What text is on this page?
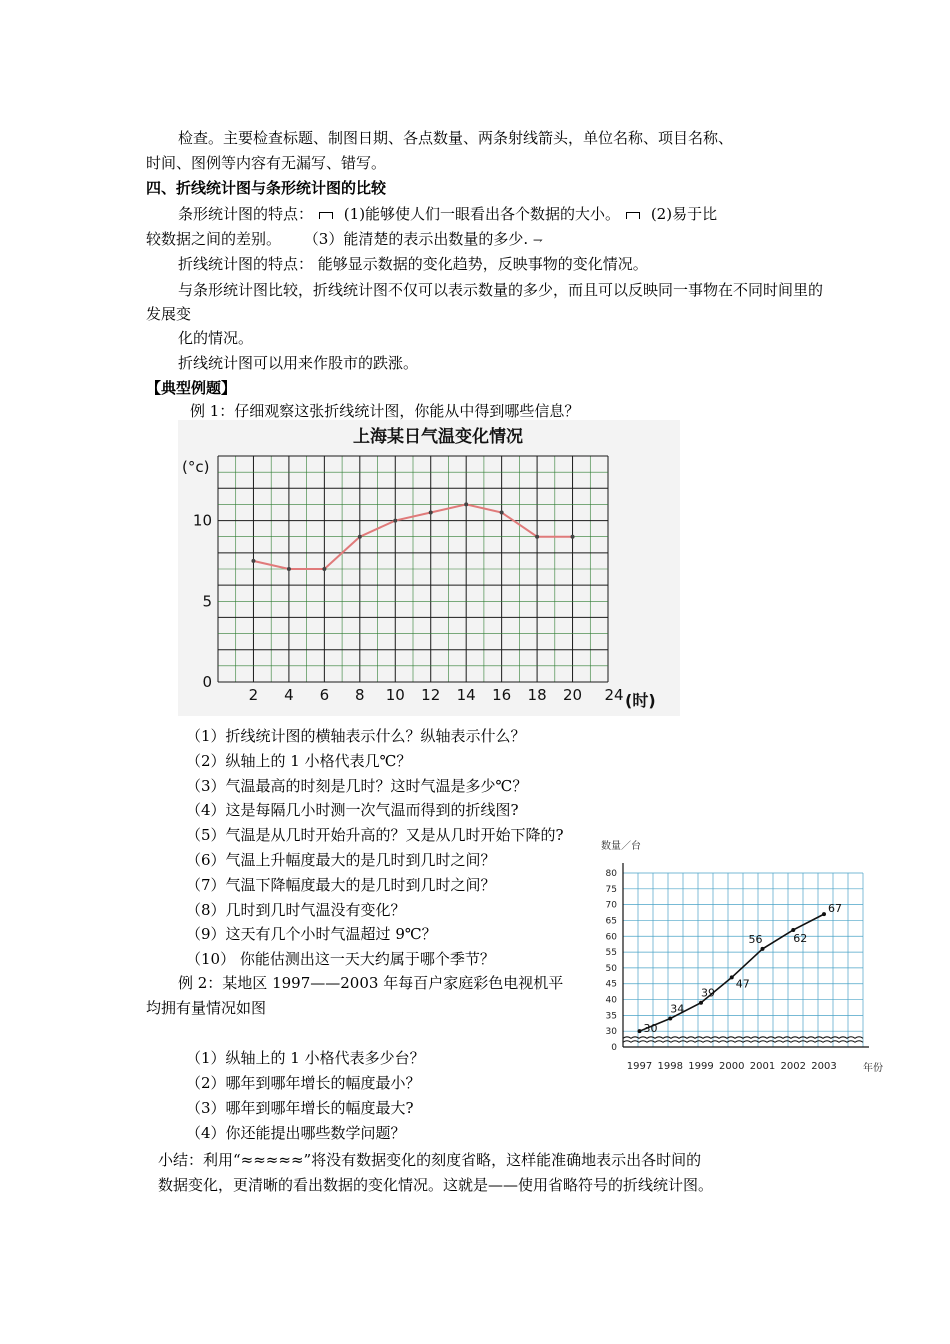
检查。主要检查标题、制图日期、各点数量、两条射线箭头，单位名称、项目名称、
时间、图例等内容有无漏写、错写。
四、折线统计图与条形统计图的比较
条形统计图的特点： (1)能够使人们一眼看出各个数据的大小。 (2)易于比
较数据之间的差别。 （3）能清楚的表示出数量的多少. ⇁
折线统计图的特点： 能够显示数据的变化趋势，反映事物的变化情况。
与条形统计图比较，折线统计图不仅可以表示数量的多少，而且可以反映同一事物在不同时间里的
发展变
化的情况。
折线统计图可以用来作股市的跌涨。
【典型例题】
例 1：仔细观察这张折线统计图，你能从中得到哪些信息？
上海某日气温变化情况
(°c)
(时)
2 4 6 8 10 12 14 16 18 20 24
0
5
10
（1）折线统计图的横轴表示什么？纵轴表示什么？
（2）纵轴上的 1 小格代表几℃？
（3）气温最高的时刻是几时？这时气温是多少℃？
（4）这是每隔几小时测一次气温而得到的折线图?
（5）气温是从几时开始升高的？又是从几时开始下降的?
（6）气温上升幅度最大的是几时到几时之间？
（7）气温下降幅度最大的是几时到几时之间？
（8）几时到几时气温没有变化？
（9）这天有几个小时气温超过 9℃？
（10） 你能估测出这一天大约属于哪个季节？
例 2：某地区 1997——2003 年每百户家庭彩色电视机平
均拥有量情况如图
（1）纵轴上的 1 小格代表多少台？
（2）哪年到哪年增长的幅度最小？
（3）哪年到哪年增长的幅度最大?
（4）你还能提出哪些数学问题？
数量／台
年份
0
30
35
40
45
50
55
60
65
70
75
80
1997 1998 1999 2000 2001 2002 2003
30
34
39
47
56	62
67
小结：利用“≈≈≈≈≈”将没有数据变化的刻度省略，这样能准确地表示出各时间的
数据变化，更清晰的看出数据的变化情况。这就是——使用省略符号的折线统计图。
